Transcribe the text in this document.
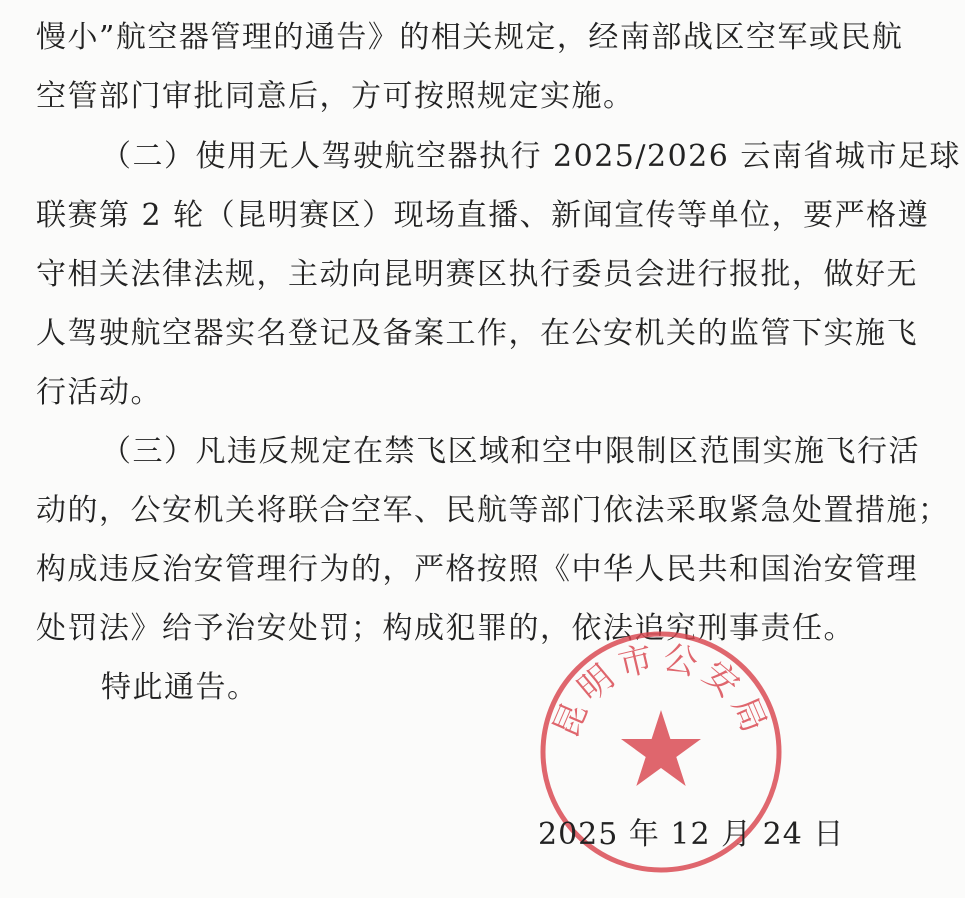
慢小”航空器管理的通告》的相关规定，经南部战区空军或民航
空管部门审批同意后，方可按照规定实施。
（二）使用无人驾驶航空器执行 2025/2026 云南省城市足球
联赛第 2 轮（昆明赛区）现场直播、新闻宣传等单位，要严格遵
守相关法律法规，主动向昆明赛区执行委员会进行报批，做好无
人驾驶航空器实名登记及备案工作，在公安机关的监管下实施飞
行活动。
（三）凡违反规定在禁飞区域和空中限制区范围实施飞行活
动的，公安机关将联合空军、民航等部门依法采取紧急处置措施；
构成违反治安管理行为的，严格按照《中华人民共和国治安管理
处罚法》给予治安处罚；构成犯罪的，依法追究刑事责任。
特此通告。
昆明市公安局
2025 年 12 月 24 日
